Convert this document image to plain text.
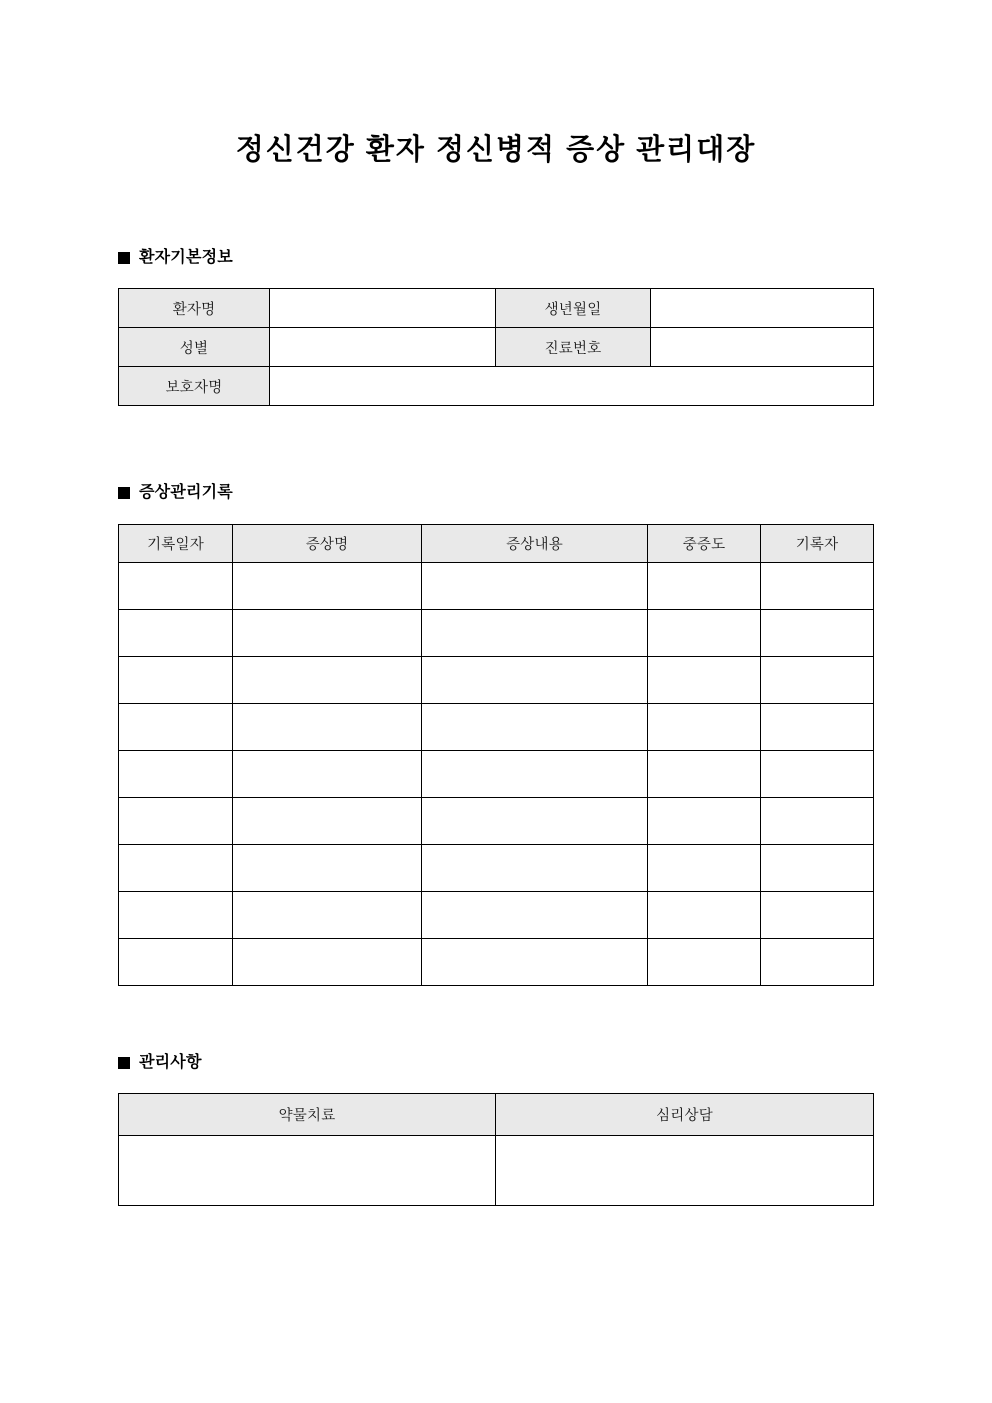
정신건강 환자 정신병적 증상 관리대장
환자기본정보
환자명		생년월일	
성별		진료번호	
보호자명			
증상관리기록
기록일자	증상명	증상내용	중증도	기록자

관리사항
약물치료	심리상담
